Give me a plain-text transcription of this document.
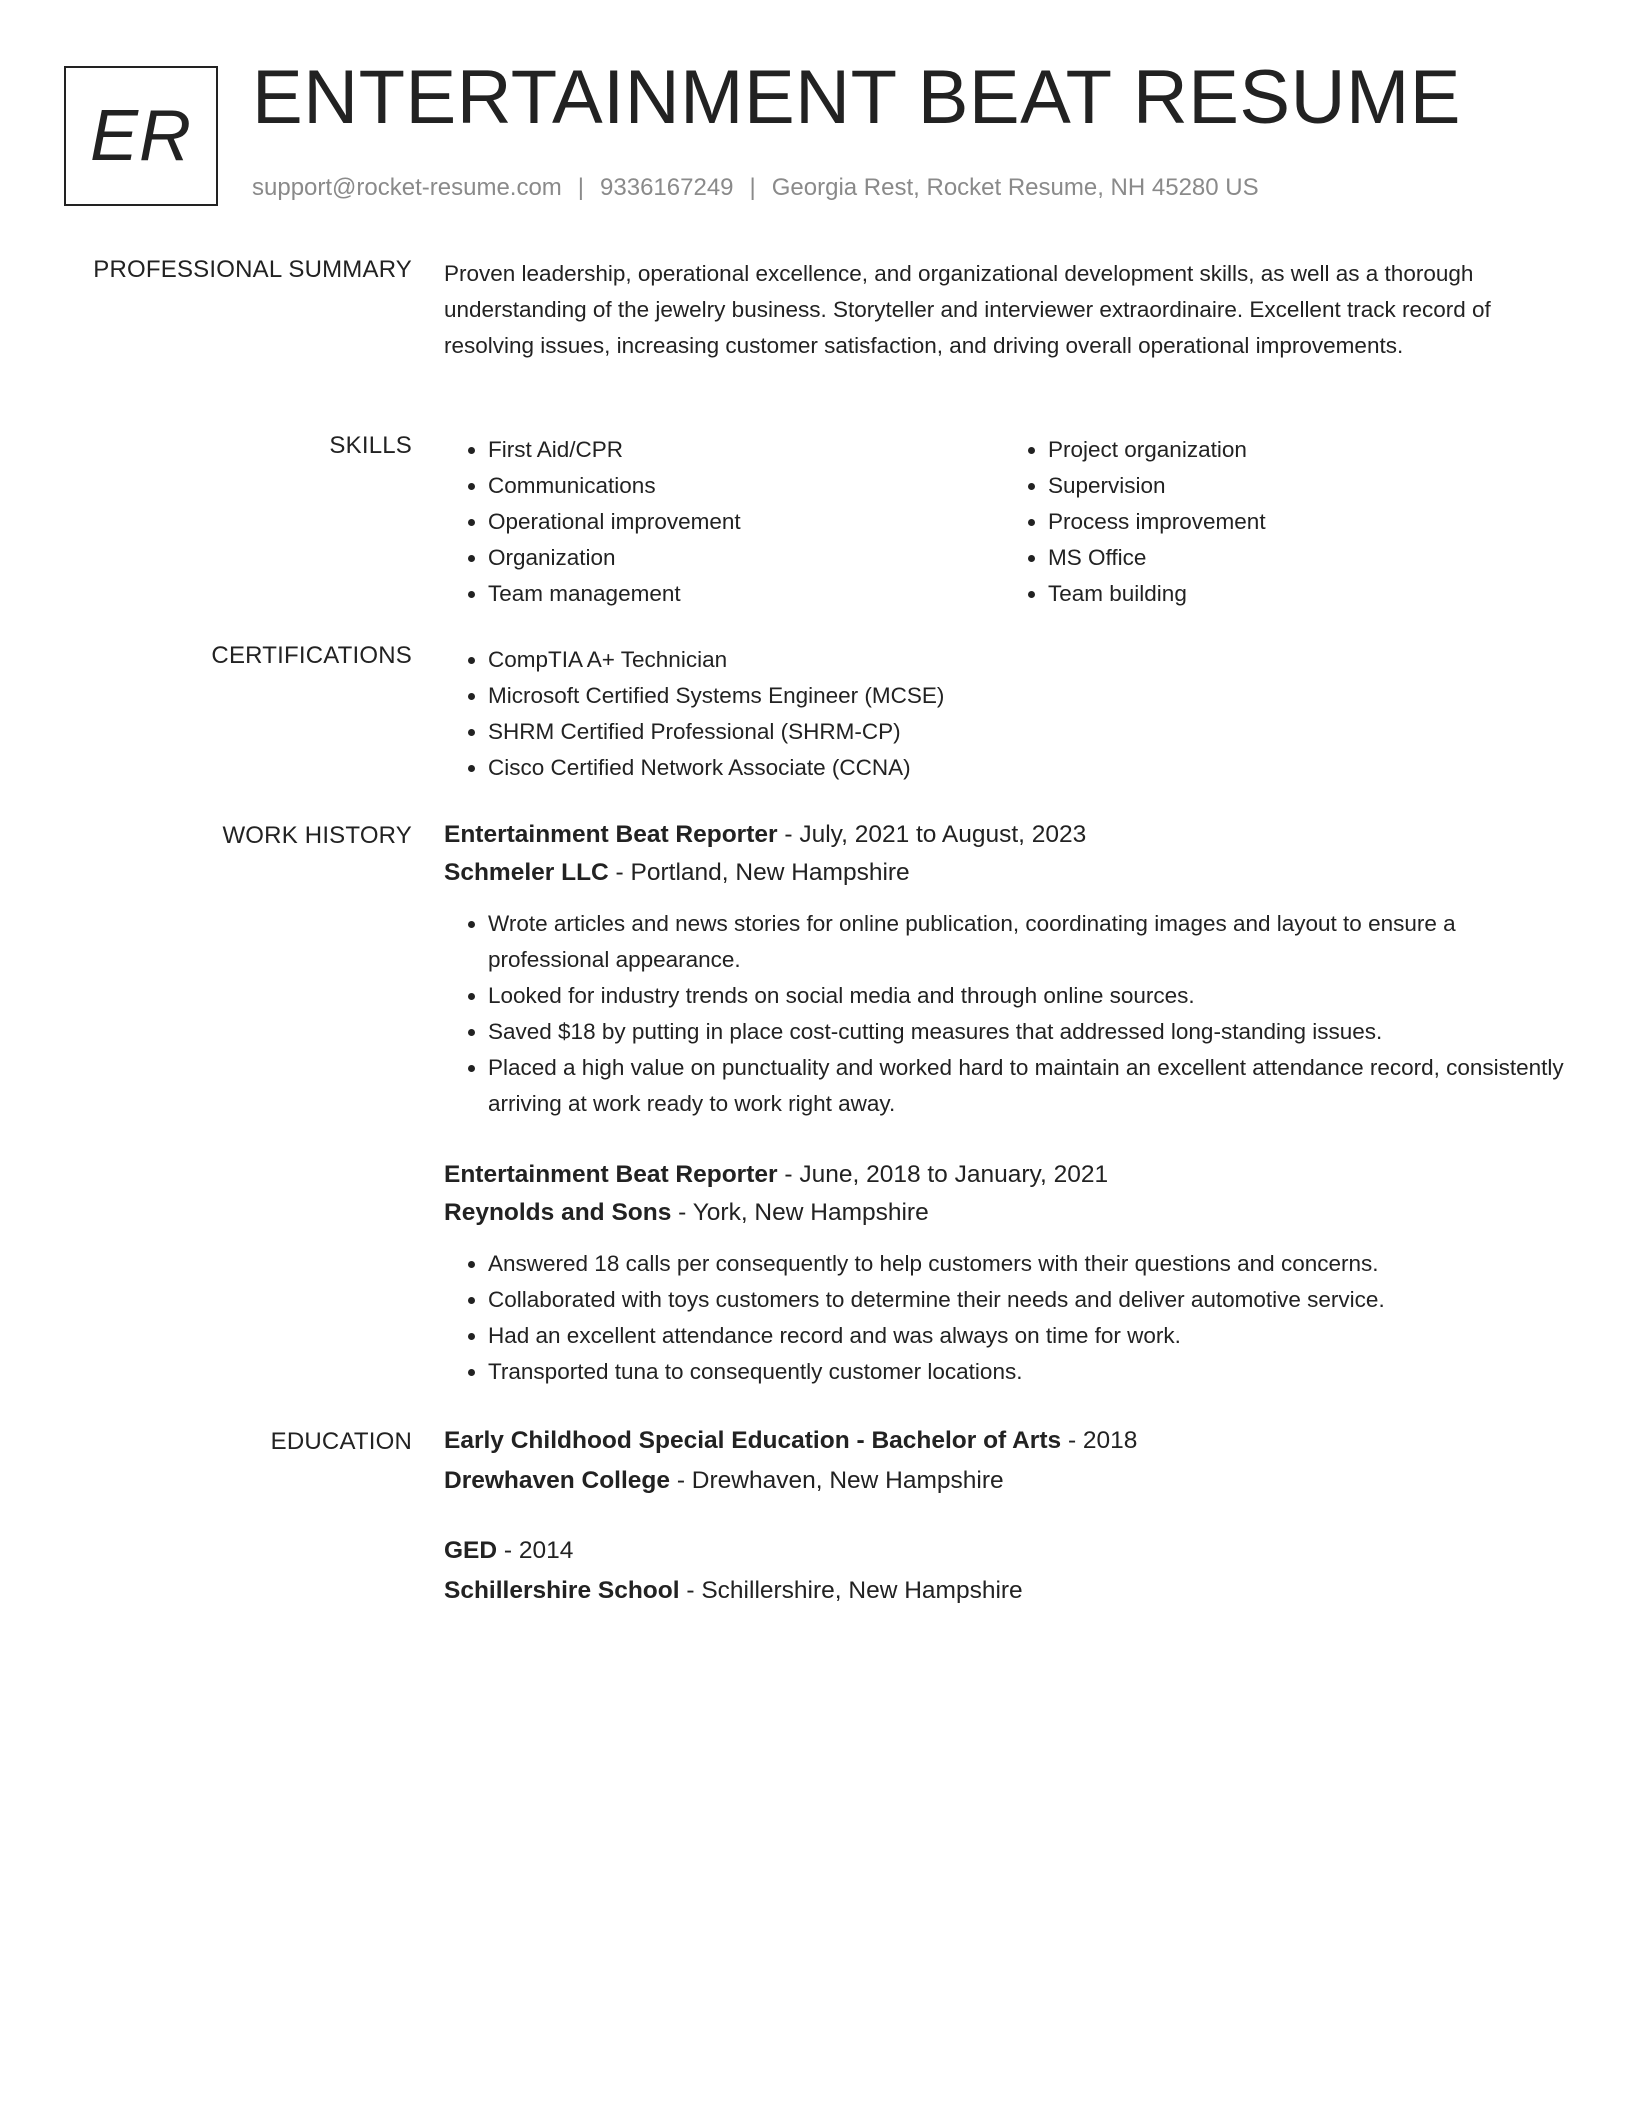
ER ENTERTAINMENT BEAT RESUME
support@rocket-resume.com | 9336167249 | Georgia Rest, Rocket Resume, NH 45280 US
PROFESSIONAL SUMMARY Proven leadership, operational excellence, and organizational development skills, as well as a thorough understanding of the jewelry business. Storyteller and interviewer extraordinaire. Excellent track record of resolving issues, increasing customer satisfaction, and driving overall operational improvements.
SKILLS	• First Aid/CPR
• Communications
• Operational improvement
• Organization
• Team management
• Project organization
• Supervision
• Process improvement
• MS Office
• Team building
CERTIFICATIONS	• CompTIA A+ Technician
• Microsoft Certified Systems Engineer (MCSE)
• SHRM Certified Professional (SHRM-CP)
• Cisco Certified Network Associate (CCNA)
WORK HISTORY Entertainment Beat Reporter - July, 2021 to August, 2023
Schmeler LLC - Portland, New Hampshire
• Wrote articles and news stories for online publication, coordinating images and layout to ensure a professional appearance.
• Looked for industry trends on social media and through online sources.
• Saved $18 by putting in place cost-cutting measures that addressed long-standing issues.
• Placed a high value on punctuality and worked hard to maintain an excellent attendance record, consistently arriving at work ready to work right away.
Entertainment Beat Reporter - June, 2018 to January, 2021
Reynolds and Sons - York, New Hampshire
• Answered 18 calls per consequently to help customers with their questions and concerns.
• Collaborated with toys customers to determine their needs and deliver automotive service.
• Had an excellent attendance record and was always on time for work.
• Transported tuna to consequently customer locations.
EDUCATION Early Childhood Special Education - Bachelor of Arts - 2018
Drewhaven College - Drewhaven, New Hampshire
GED - 2014
Schillershire School - Schillershire, New Hampshire
